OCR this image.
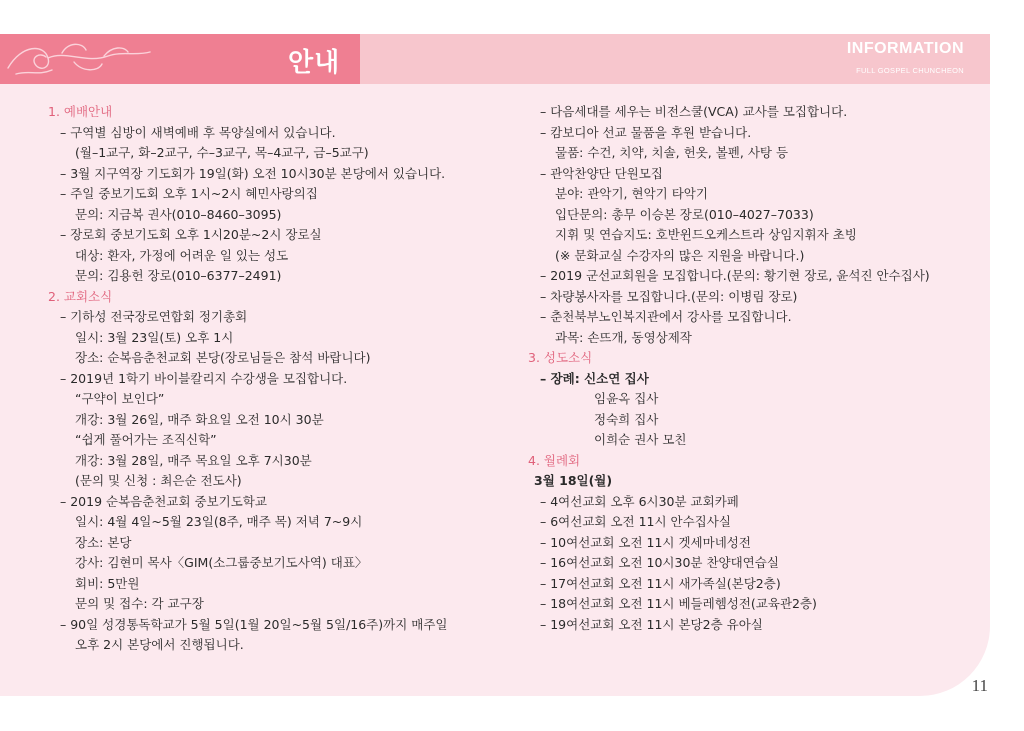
안내	INFORMATION
FULL GOSPEL CHUNCHEON
1. 예배안내
– 구역별 심방이 새벽예배 후 목양실에서 있습니다.
(월–1교구, 화–2교구, 수–3교구, 목–4교구, 금–5교구)
– 3월 지구역장 기도회가 19일(화) 오전 10시30분 본당에서 있습니다.
– 주일 중보기도회 오후 1시~2시 혜민사랑의집
문의: 지금복 권사(010–8460–3095)
– 장로회 중보기도회 오후 1시20분~2시 장로실
대상: 환자, 가정에 어려운 일 있는 성도
문의: 김용헌 장로(010–6377–2491)
2. 교회소식
– 기하성 전국장로연합회 정기총회
일시: 3월 23일(토) 오후 1시
장소: 순복음춘천교회 본당(장로님들은 참석 바랍니다)
– 2019년 1학기 바이블칼리지 수강생을 모집합니다.
“구약이 보인다”
개강: 3월 26일, 매주 화요일 오전 10시 30분
“쉽게 풀어가는 조직신학”
개강: 3월 28일, 매주 목요일 오후 7시30분
(문의 및 신청 : 최은순 전도사)
– 2019 순복음춘천교회 중보기도학교
일시: 4월 4일~5월 23일(8주, 매주 목) 저녁 7~9시
장소: 본당
강사: 김현미 목사〈GIM(소그룹중보기도사역) 대표〉
회비: 5만원
문의 및 접수: 각 교구장
– 90일 성경통독학교가 5월 5일(1월 20일~5월 5일/16주)까지 매주일
오후 2시 본당에서 진행됩니다.
– 다음세대를 세우는 비전스쿨(VCA) 교사를 모집합니다.
– 캄보디아 선교 물품을 후원 받습니다.
물품: 수건, 치약, 치솔, 헌옷, 볼펜, 사탕 등
– 관악찬양단 단원모집
분야: 관악기, 현악기 타악기
입단문의: 총무 이승본 장로(010–4027–7033)
지휘 및 연습지도: 호반윈드오케스트라 상임지휘자 초빙
(※ 문화교실 수강자의 많은 지원을 바랍니다.)
– 2019 군선교회원을 모집합니다.(문의: 황기현 장로, 윤석진 안수집사)
– 차량봉사자를 모집합니다.(문의: 이병림 장로)
– 춘천북부노인복지관에서 강사를 모집합니다.
과목: 손뜨개, 동영상제작
3. 성도소식
– 장례: 신소연 집사
임윤옥 집사
정숙희 집사
이희순 권사 모친
4. 월례회
3월 18일(월)
– 4여선교회 오후 6시30분 교회카페
– 6여선교회 오전 11시 안수집사실
– 10여선교회 오전 11시 겟세마네성전
– 16여선교회 오전 10시30분 찬양대연습실
– 17여선교회 오전 11시 새가족실(본당2층)
– 18여선교회 오전 11시 베들레헴성전(교육관2층)
– 19여선교회 오전 11시 본당2층 유아실
11
